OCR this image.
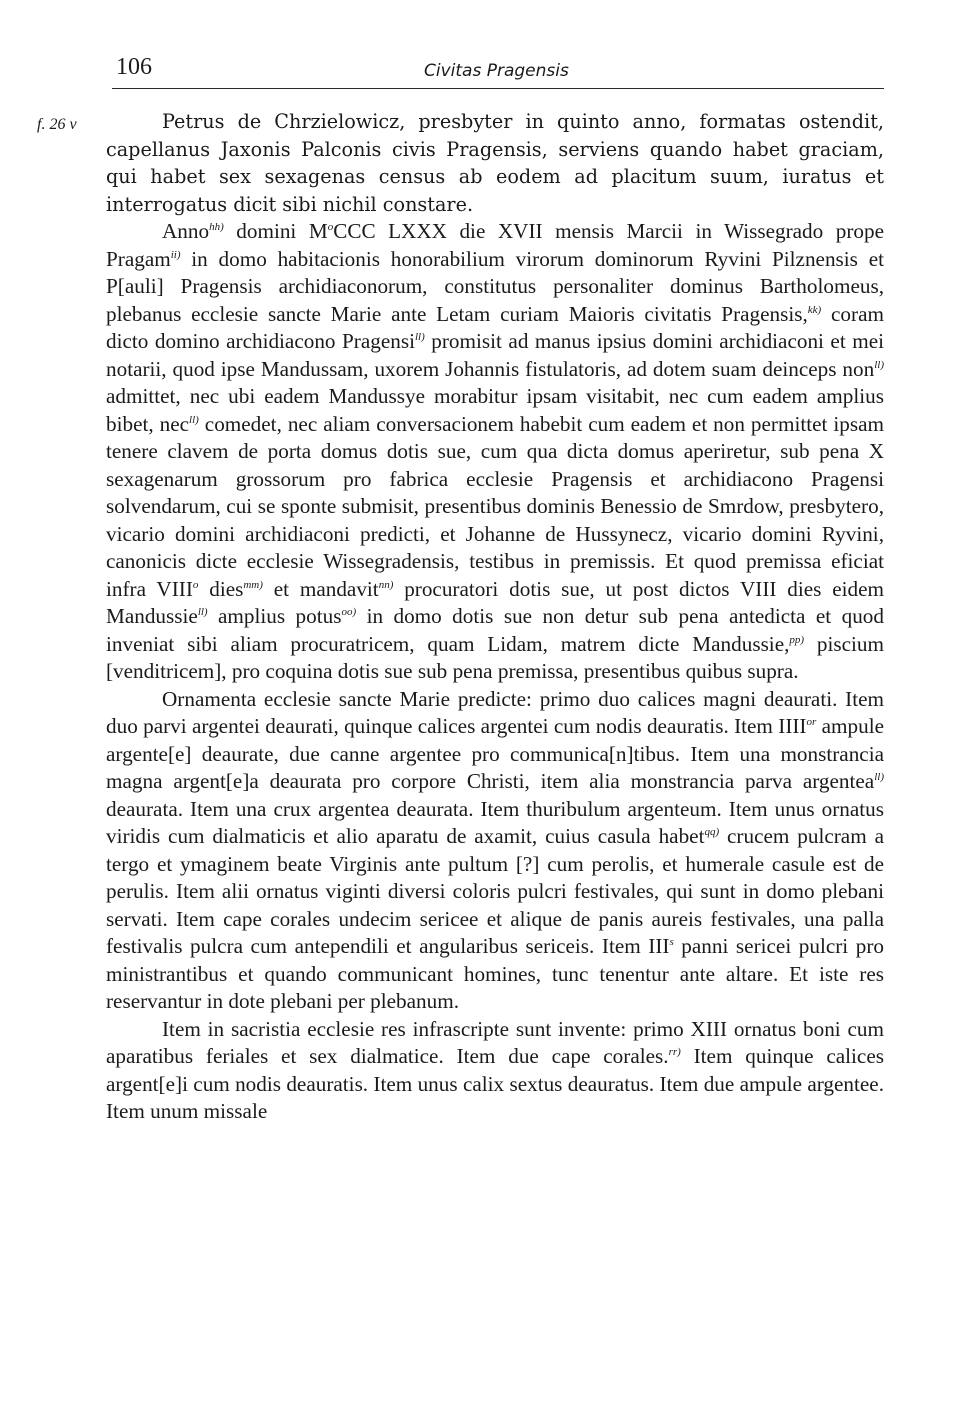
106	Civitas Pragensis
f. 26 v	Petrus de Chrzielowicz, presbyter in quinto anno, formatas ostendit, capellanus Jaxonis Palconis civis Pragensis, serviens quando habet graciam, qui habet sex sexagenas census ab eodem ad placitum suum, iuratus et interrogatus dicit sibi nichil constare.

Anno$^{hh)}$ domini $M^oCCC$ LXXX die XVII mensis Marcii in Wissegrado prope Pragam$^{ii)}$ in domo habitacionis honorabilium virorum dominorum Ryvini Pilznensis et P[auli] Pragensis archidiaconorum, constitutus personaliter dominus Bartholomeus, plebanus ecclesie sancte Marie ante Letam curiam Maioris civitatis Pragensis,$^{kk)}$ coram dicto domino archidiacono Pragensi$^{ll)}$ promisit ad manus ipsius domini archidiaconi et mei notarii, quod ipse Mandussam, uxorem Johannis fistulatoris, ad dotem suam deinceps non$^{ll)}$ admittet, nec ubi eadem Mandussye morabitur ipsam visitabit, nec cum eadem amplius bibet, nec$^{ll)}$ comedet, nec aliam conversacionem habebit cum eadem et non permittet ipsam tenere clavem de porta domus dotis sue, cum qua dicta domus aperiretur, sub pena X sexagenarum grossorum pro fabrica ecclesie Pragensis et archidiacono Pragensi solvendarum, cui se sponte submisit, presentibus dominis Benessio de Smrdow, presbytero, vicario domini archidiaconi predicti, et Johanne de Hussynecz, vicario domini Ryvini, canonicis dicte ecclesie Wissegradensis, testibus in premissis. Et quod premissa eficiat infra VIII$^o$ dies$^{mm)}$ et mandavit$^{nn)}$ procuratori dotis sue, ut post dictos VIII dies eidem Mandussie$^{ll)}$ amplius potus$^{oo)}$ in domo dotis sue non detur sub pena antedicta et quod inveniat sibi aliam procuratricem, quam Lidam, matrem dicte Mandussie,$^{pp)}$ piscium [venditricem], pro coquina dotis sue sub pena premissa, presentibus quibus supra.

Ornamenta ecclesie sancte Marie predicte: primo duo calices magni deaurati. Item duo parvi argentei deaurati, quinque calices argentei cum nodis deauratis. Item $IIII^{or}$ ampule argente[e] deaurate, due canne argentee pro communica[n]tibus. Item una monstrancia magna argent[e]a deaurata pro corpore Christi, item alia monstrancia parva argentea$^{ll)}$ deaurata. Item una crux argentea deaurata. Item thuribulum argenteum. Item unus ornatus viridis cum dialmaticis et alio aparatu de axamit, cuius casula habet$^{qq)}$ crucem pulcram a tergo et ymaginem beate Virginis ante pultum [?] cum perolis, et humerale casule est de perulis. Item alii ornatus viginti diversi coloris pulcri festivales, qui sunt in domo plebani servati. Item cape corales undecim sericee et alique de panis aureis festivales, una palla festivalis pulcra cum antependili et angularibus sericeis. Item III$^s$ panni sericei pulcri pro ministrantibus et quando communicant homines, tunc tenentur ante altare. Et iste res reservantur in dote plebani per plebanum.

Item in sacristia ecclesie res infrascripte sunt invente: primo XIII ornatus boni cum aparatibus feriales et sex dialmatice. Item due cape corales.$^{rr)}$ Item quinque calices argent[e]i cum nodis deauratis. Item unus calix sextus deauratus. Item due ampule argentee. Item unum missale
